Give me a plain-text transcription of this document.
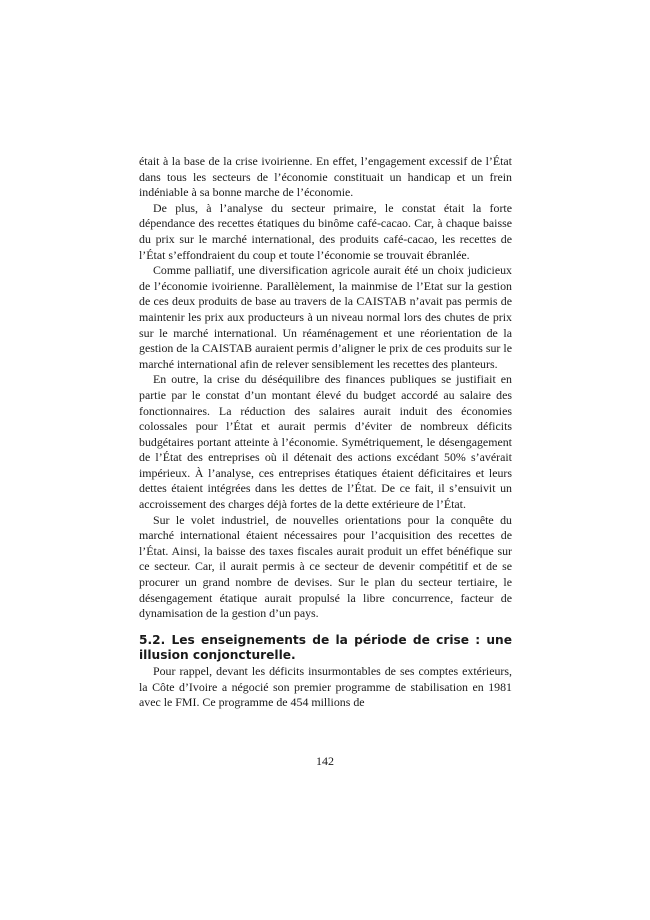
était à la base de la crise ivoirienne. En effet, l’engagement excessif de l’État dans tous les secteurs de l’économie constituait un handicap et un frein indéniable à sa bonne marche de l’économie.

De plus, à l’analyse du secteur primaire, le constat était la forte dépendance des recettes étatiques du binôme café-cacao. Car, à chaque baisse du prix sur le marché international, des produits café-cacao, les recettes de l’État s’effondraient du coup et toute l’économie se trouvait ébranlée.

Comme palliatif, une diversification agricole aurait été un choix judicieux de l’économie ivoirienne. Parallèlement, la mainmise de l’Etat sur la gestion de ces deux produits de base au travers de la CAISTAB n’avait pas permis de maintenir les prix aux producteurs à un niveau normal lors des chutes de prix sur le marché international. Un réaménagement et une réorientation de la gestion de la CAISTAB auraient permis d’aligner le prix de ces produits sur le marché international afin de relever sensiblement les recettes des planteurs.

En outre, la crise du déséquilibre des finances publiques se justifiait en partie par le constat d’un montant élevé du budget accordé au salaire des fonctionnaires. La réduction des salaires aurait induit des économies colossales pour l’État et aurait permis d’éviter de nombreux déficits budgétaires portant atteinte à l’économie. Symétriquement, le désengagement de l’État des entreprises où il détenait des actions excédant 50% s’avérait impérieux. À l’analyse, ces entreprises étatiques étaient déficitaires et leurs dettes étaient intégrées dans les dettes de l’État. De ce fait, il s’ensuivit un accroissement des charges déjà fortes de la dette extérieure de l’État.

Sur le volet industriel, de nouvelles orientations pour la conquête du marché international étaient nécessaires pour l’acquisition des recettes de l’État. Ainsi, la baisse des taxes fiscales aurait produit un effet bénéfique sur ce secteur. Car, il aurait permis à ce secteur de devenir compétitif et de se procurer un grand nombre de devises. Sur le plan du secteur tertiaire, le désengagement étatique aurait propulsé la libre concurrence, facteur de dynamisation de la gestion d’un pays.

5.2. Les enseignements de la période de crise : une illusion conjoncturelle.

Pour rappel, devant les déficits insurmontables de ses comptes extérieurs, la Côte d’Ivoire a négocié son premier programme de stabilisation en 1981 avec le FMI. Ce programme de 454 millions de

142
